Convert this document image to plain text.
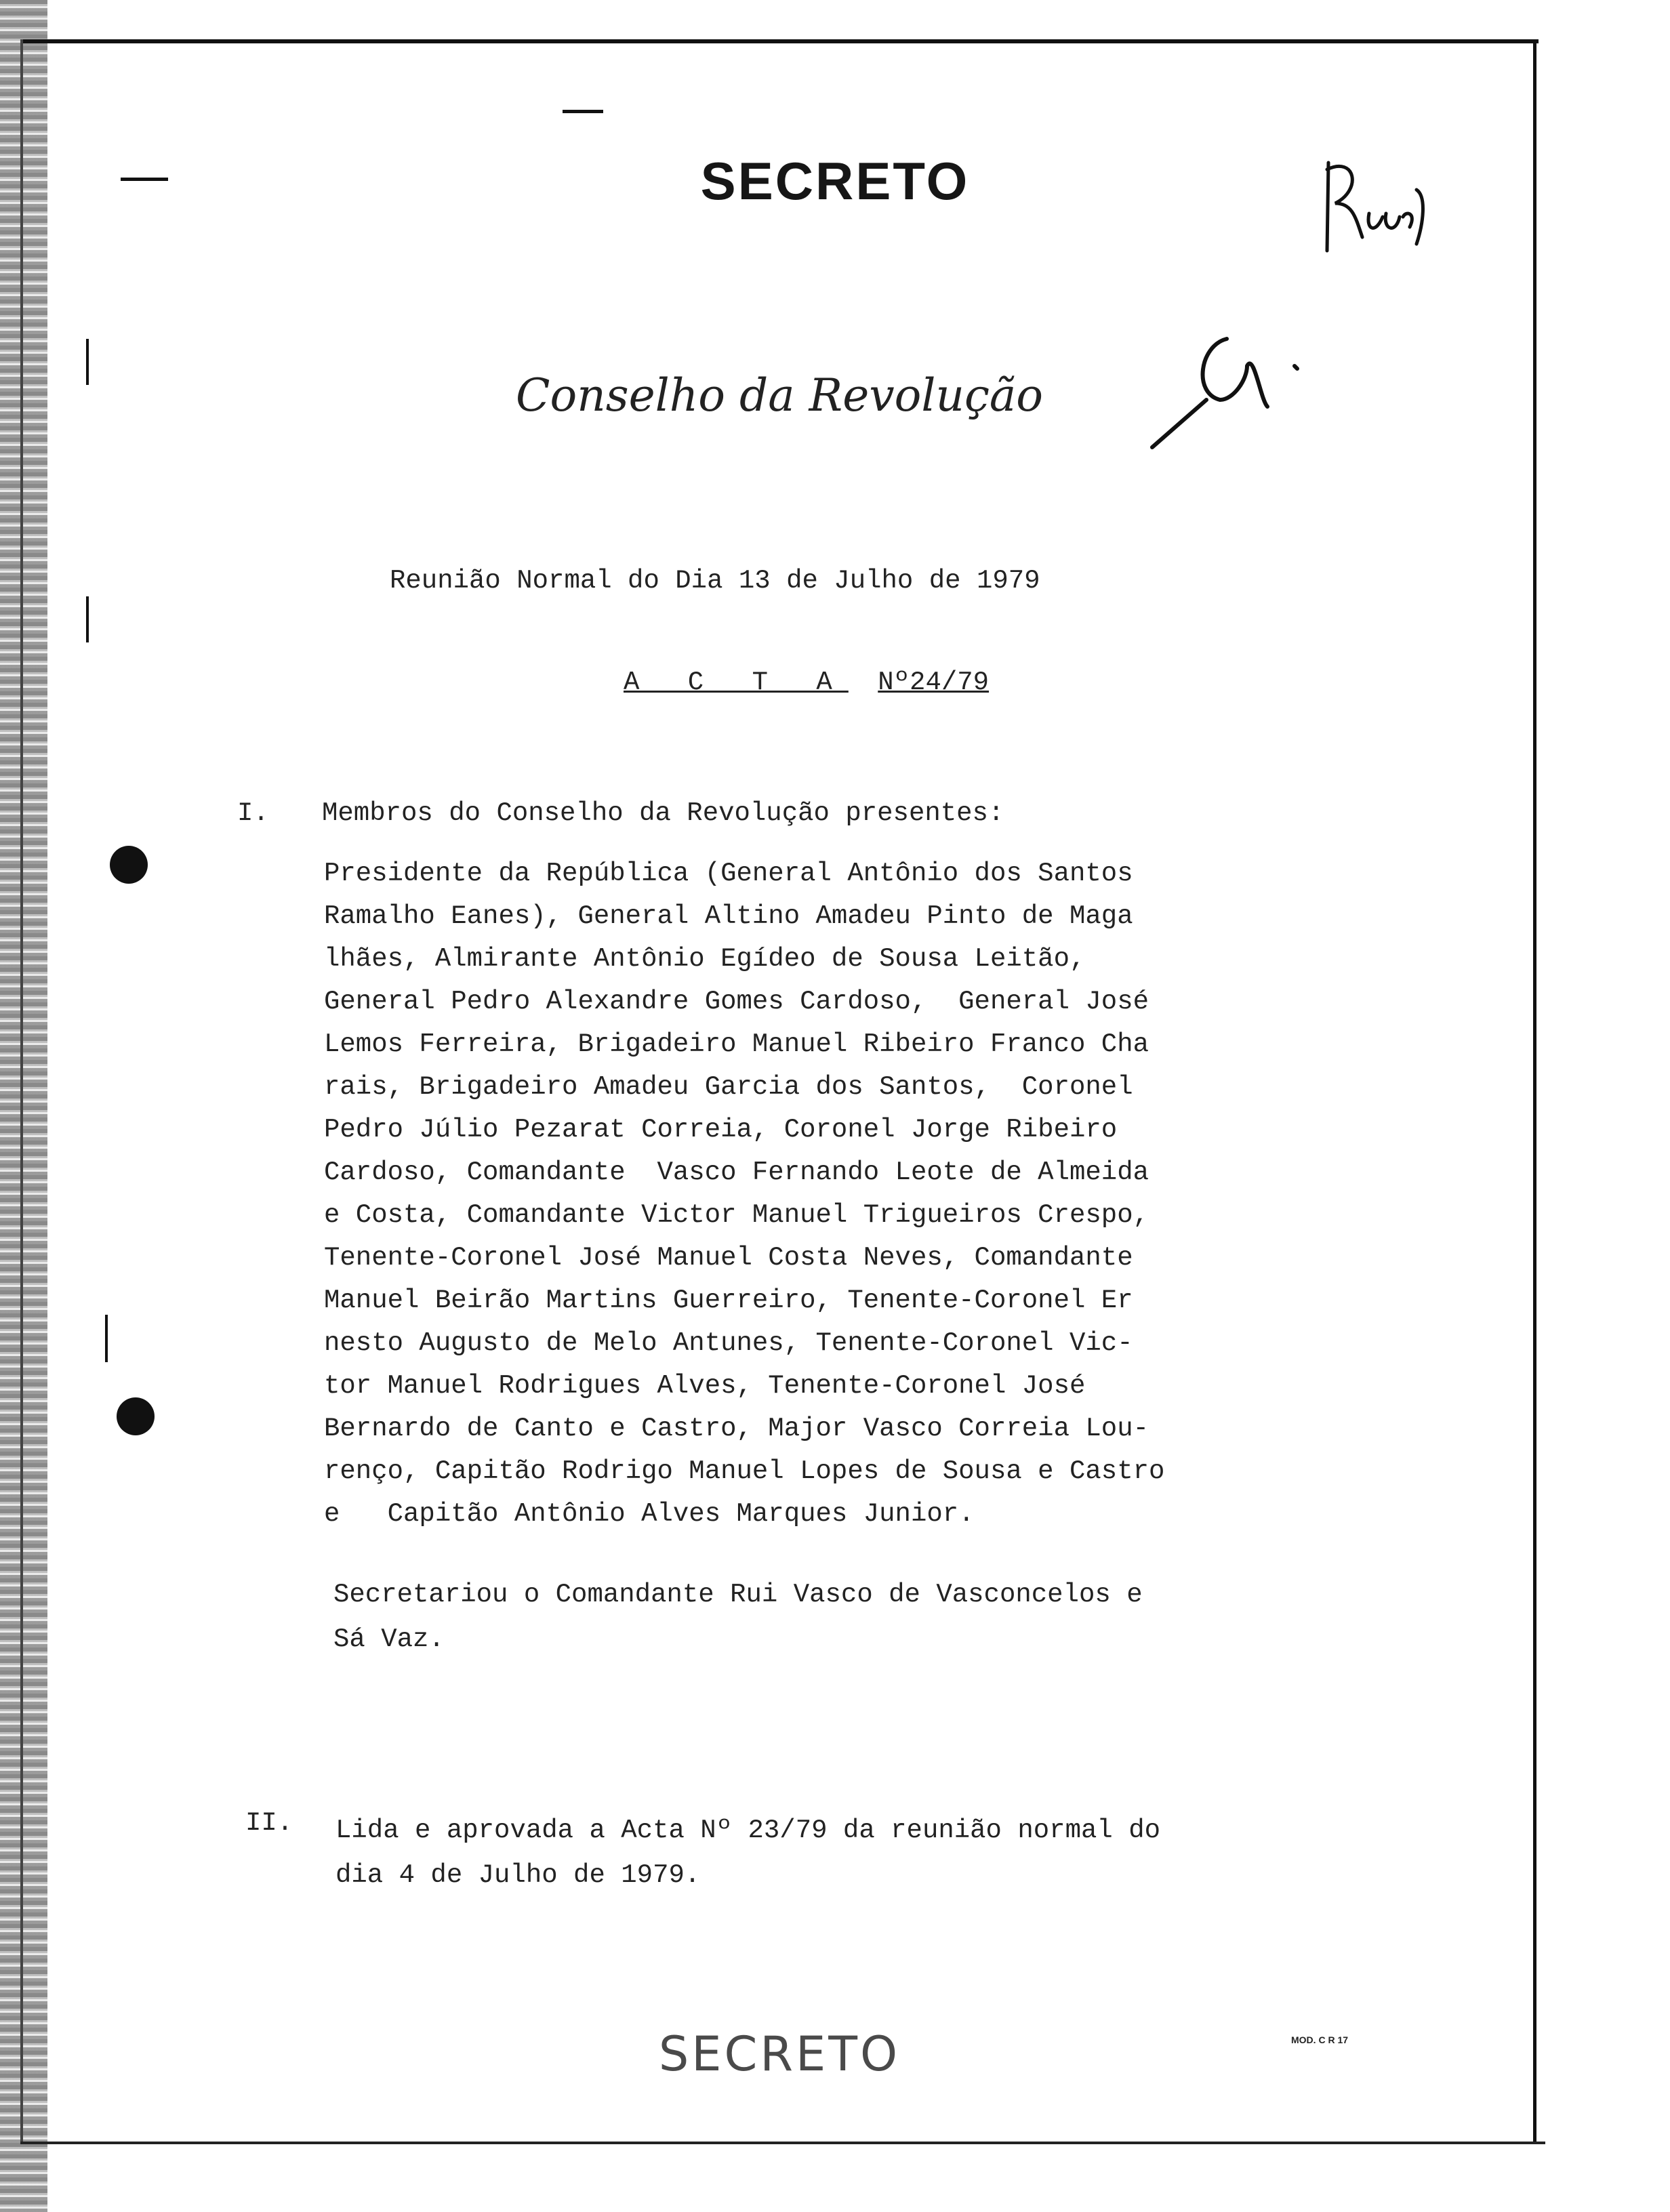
SECRETO
Conselho da Revolução
Reunião Normal do Dia 13 de Julho de 1979
A C T A Nº24/79
I. Membros do Conselho da Revolução presentes:
Presidente da República (General Antônio dos Santos
Ramalho Eanes), General Altino Amadeu Pinto de Maga
lhães, Almirante Antônio Egídeo de Sousa Leitão,
General Pedro Alexandre Gomes Cardoso,  General José
Lemos Ferreira, Brigadeiro Manuel Ribeiro Franco Cha
rais, Brigadeiro Amadeu Garcia dos Santos,  Coronel
Pedro Júlio Pezarat Correia, Coronel Jorge Ribeiro
Cardoso, Comandante  Vasco Fernando Leote de Almeida
e Costa, Comandante Victor Manuel Trigueiros Crespo,
Tenente-Coronel José Manuel Costa Neves, Comandante
Manuel Beirão Martins Guerreiro, Tenente-Coronel Er
nesto Augusto de Melo Antunes, Tenente-Coronel Vic-
tor Manuel Rodrigues Alves, Tenente-Coronel José
Bernardo de Canto e Castro, Major Vasco Correia Lou-
renço, Capitão Rodrigo Manuel Lopes de Sousa e Castro
e   Capitão Antônio Alves Marques Junior.
Secretariou o Comandante Rui Vasco de Vasconcelos e
Sá Vaz.
II. Lida e aprovada a Acta Nº 23/79 da reunião normal do
dia 4 de Julho de 1979.
SECRETO	MOD. C R 17
